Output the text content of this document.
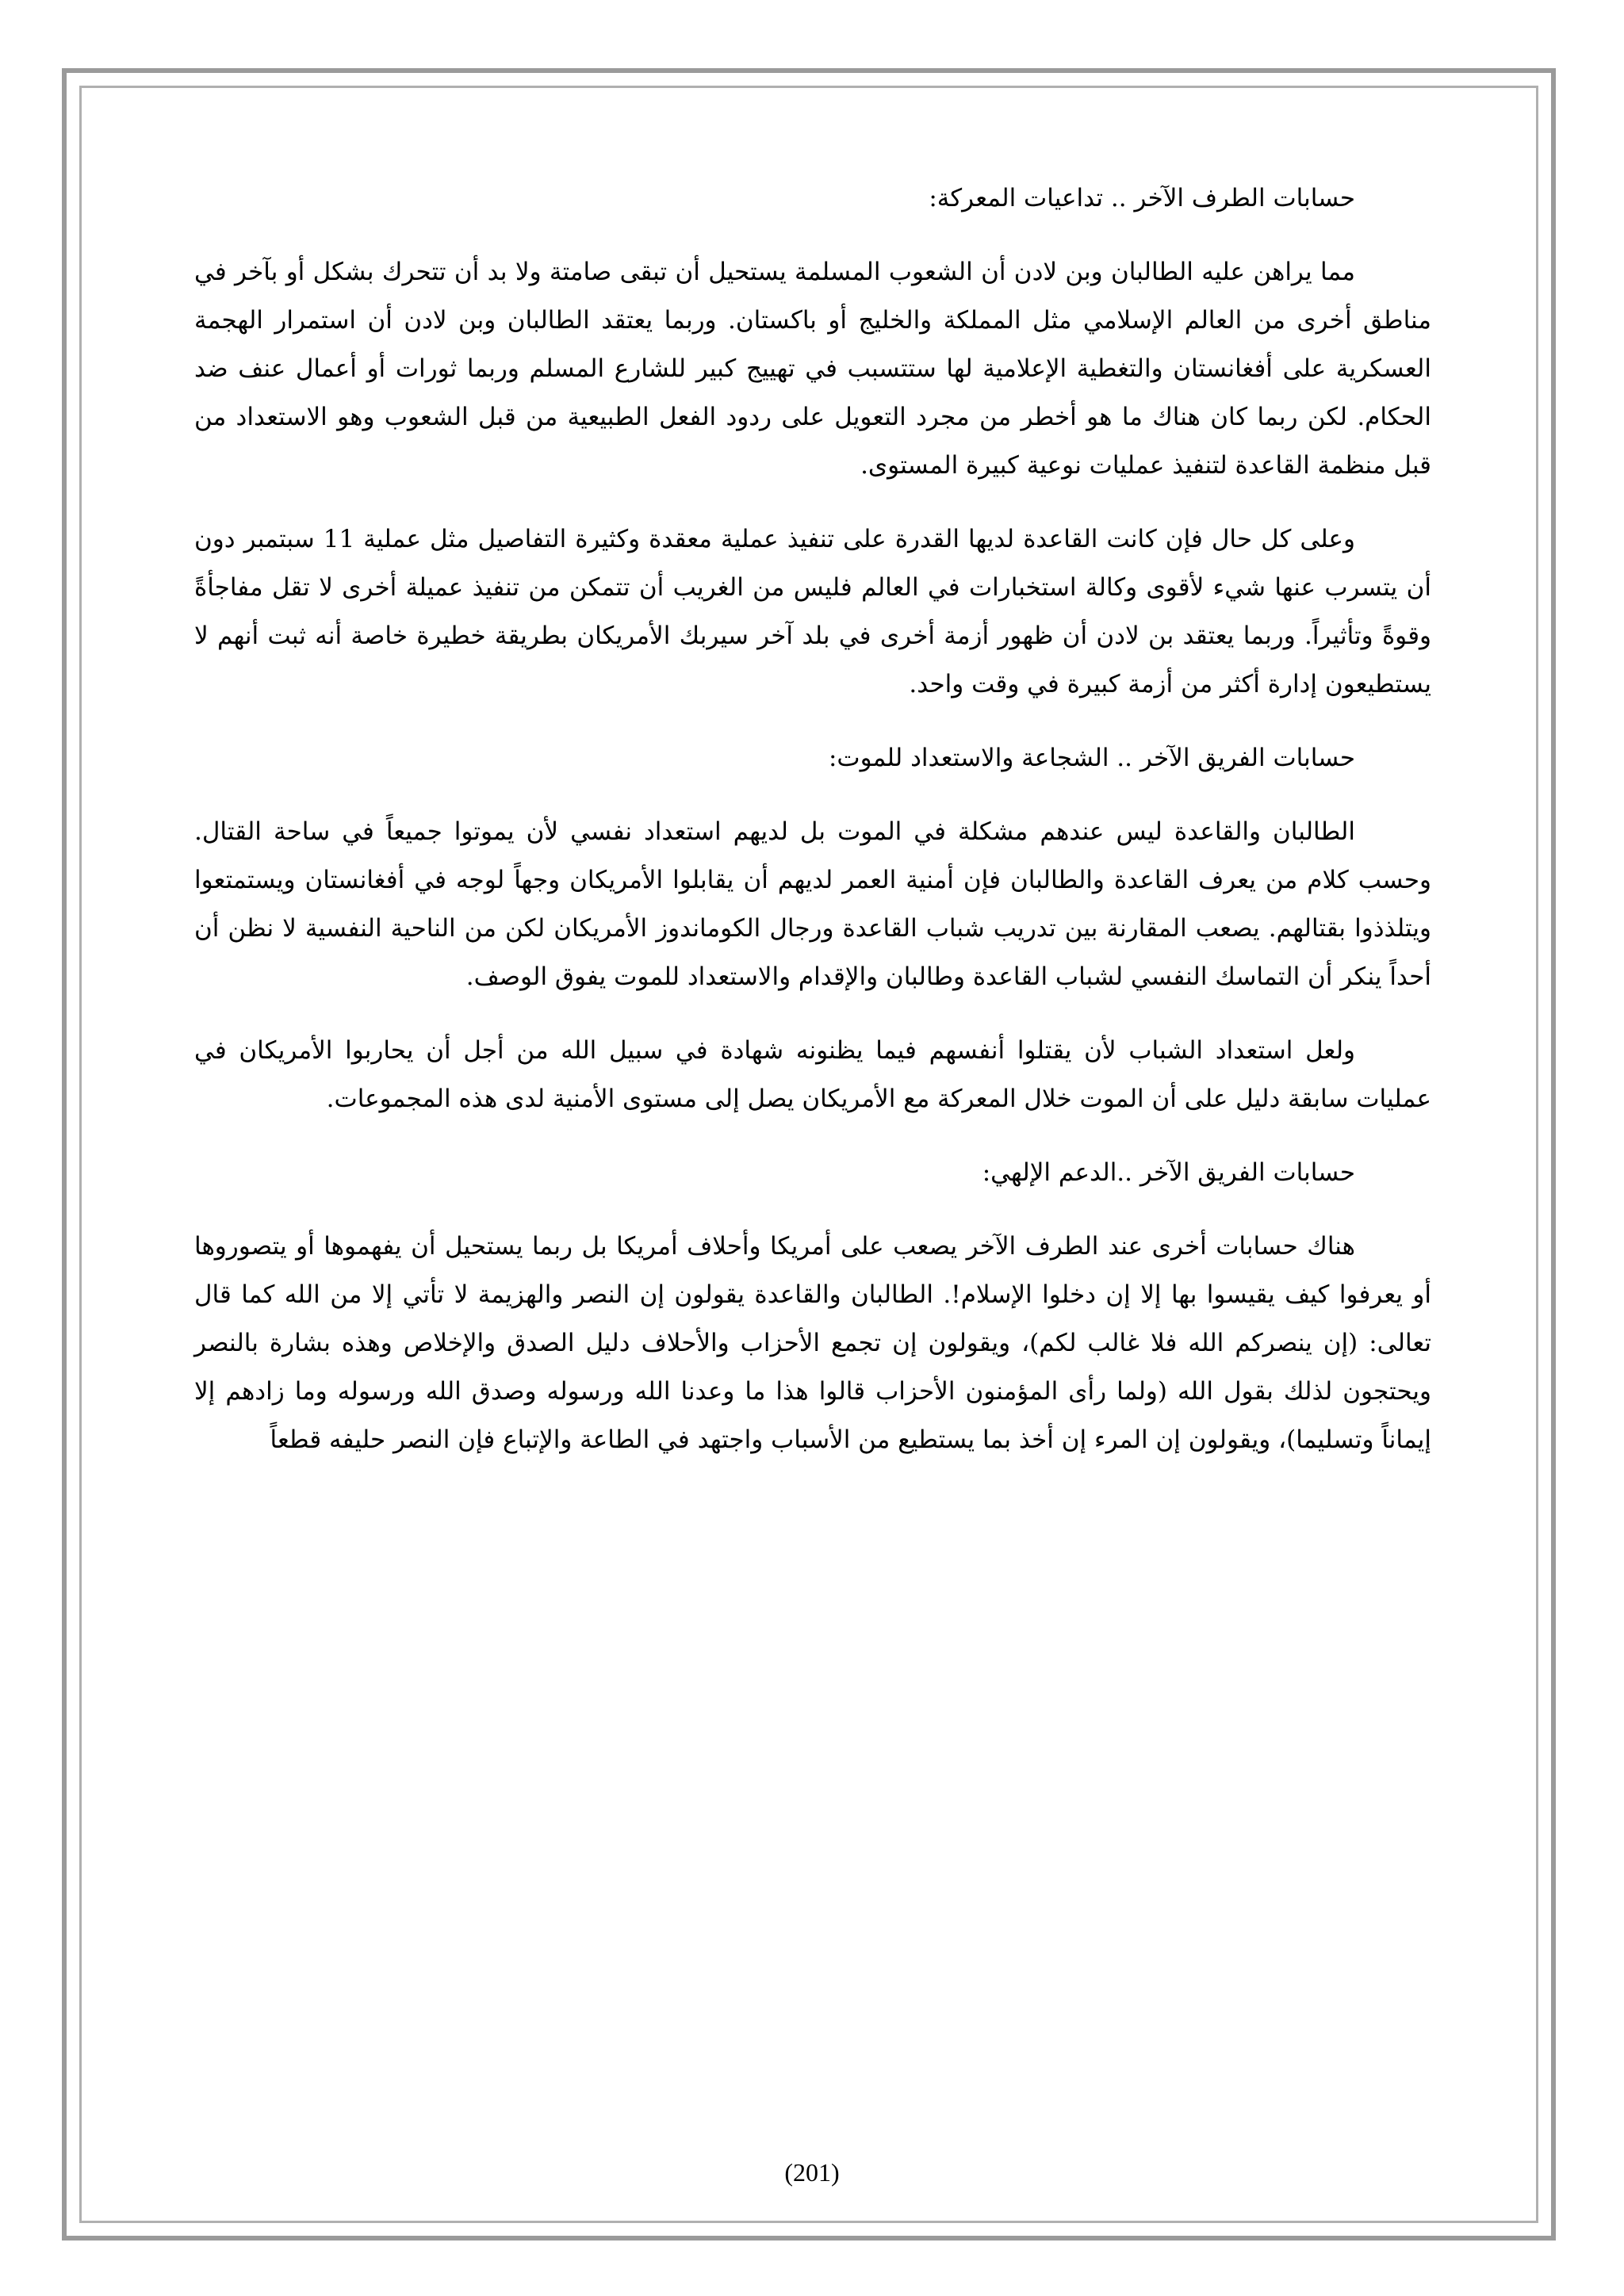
حسابات الطرف الآخر .. تداعيات المعركة:

مما يراهن عليه الطالبان وبن لادن أن الشعوب المسلمة يستحيل أن تبقى صامتة ولا بد أن تتحرك بشكل أو بآخر في مناطق أخرى من العالم الإسلامي مثل المملكة والخليج أو باكستان. وربما يعتقد الطالبان وبن لادن أن استمرار الهجمة العسكرية على أفغانستان والتغطية الإعلامية لها ستتسبب في تهييج كبير للشارع المسلم وربما ثورات أو أعمال عنف ضد الحكام. لكن ربما كان هناك ما هو أخطر من مجرد التعويل على ردود الفعل الطبيعية من قبل الشعوب وهو الاستعداد من قبل منظمة القاعدة لتنفيذ عمليات نوعية كبيرة المستوى.

وعلى كل حال فإن كانت القاعدة لديها القدرة على تنفيذ عملية معقدة وكثيرة التفاصيل مثل عملية 11 سبتمبر دون أن يتسرب عنها شيء لأقوى وكالة استخبارات في العالم فليس من الغريب أن تتمكن من تنفيذ عميلة أخرى لا تقل مفاجأةً وقوةً وتأثيراً. وربما يعتقد بن لادن أن ظهور أزمة أخرى في بلد آخر سيربك الأمريكان بطريقة خطيرة خاصة أنه ثبت أنهم لا يستطيعون إدارة أكثر من أزمة كبيرة في وقت واحد.

حسابات الفريق الآخر .. الشجاعة والاستعداد للموت:

الطالبان والقاعدة ليس عندهم مشكلة في الموت بل لديهم استعداد نفسي لأن يموتوا جميعاً في ساحة القتال. وحسب كلام من يعرف القاعدة والطالبان فإن أمنية العمر لديهم أن يقابلوا الأمريكان وجهاً لوجه في أفغانستان ويستمتعوا ويتلذذوا بقتالهم. يصعب المقارنة بين تدريب شباب القاعدة ورجال الكوماندوز الأمريكان لكن من الناحية النفسية لا نظن أن أحداً ينكر أن التماسك النفسي لشباب القاعدة وطالبان والإقدام والاستعداد للموت يفوق الوصف.

ولعل استعداد الشباب لأن يقتلوا أنفسهم فيما يظنونه شهادة في سبيل الله من أجل أن يحاربوا الأمريكان في عمليات سابقة دليل على أن الموت خلال المعركة مع الأمريكان يصل إلى مستوى الأمنية لدى هذه المجموعات.

حسابات الفريق الآخر ..الدعم الإلهي:

هناك حسابات أخرى عند الطرف الآخر يصعب على أمريكا وأحلاف أمريكا بل ربما يستحيل أن يفهموها أو يتصوروها أو يعرفوا كيف يقيسوا بها إلا إن دخلوا الإسلام!. الطالبان والقاعدة يقولون إن النصر والهزيمة لا تأتي إلا من الله كما قال تعالى: (إن ينصركم الله فلا غالب لكم)، ويقولون إن تجمع الأحزاب والأحلاف دليل الصدق والإخلاص وهذه بشارة بالنصر ويحتجون لذلك بقول الله (ولما رأى المؤمنون الأحزاب قالوا هذا ما وعدنا الله ورسوله وصدق الله ورسوله وما زادهم إلا إيماناً وتسليما)، ويقولون إن المرء إن أخذ بما يستطيع من الأسباب واجتهد في الطاعة والإتباع فإن النصر حليفه قطعاً

(201)
